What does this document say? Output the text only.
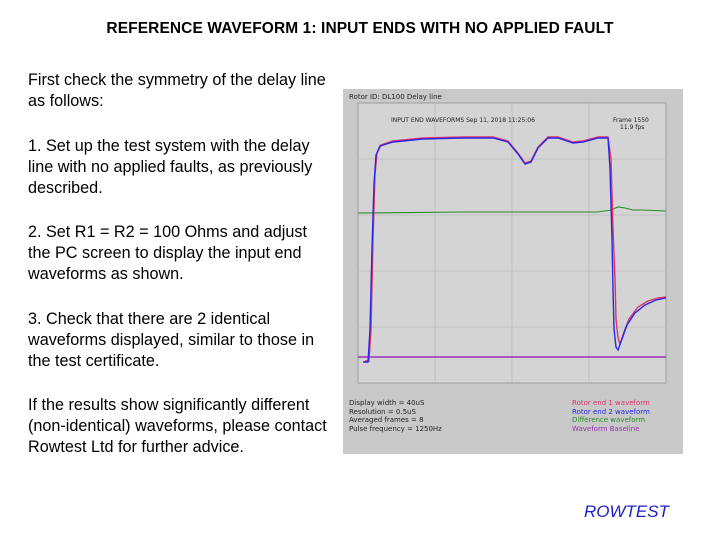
REFERENCE WAVEFORM 1: INPUT ENDS WITH NO APPLIED FAULT
First check the symmetry of the delay line as follows:
1. Set up the test system with the delay line with no applied faults, as previously described.
2. Set R1 = R2 = 100 Ohms and adjust the PC screen to display the input end waveforms as shown.
3. Check that there are 2 identical waveforms displayed, similar to those in the test certificate.
If the results show significantly different (non-identical) waveforms, please contact Rowtest Ltd for further advice.
Rotor ID: DL100 Delay line
INPUT END WAVEFORMS Sep 11, 2018 11:25:06	Frame 1550
11.9 fps
Display width = 40uS
Resolution = 0.5uS
Averaged frames = 8
Pulse frequency = 1250Hz
Rotor end 1 waveform
Rotor end 2 waveform
Difference waveform
Waveform Baseline
ROWTEST
